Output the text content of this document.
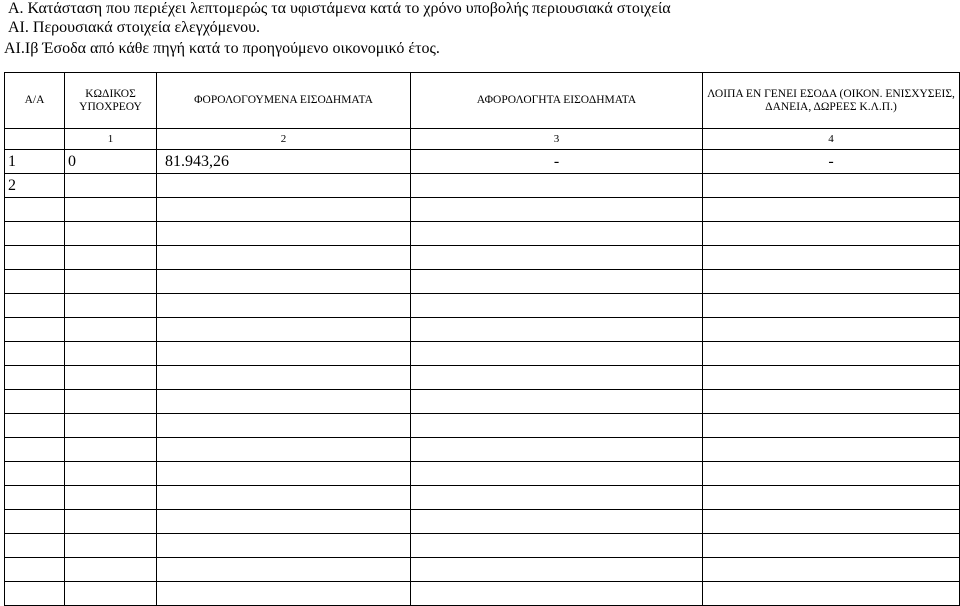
Α. Κατάσταση που περιέχει λεπτομερώς τα υφιστάμενα κατά το χρόνο υποβολής περιουσιακά στοιχεία
ΑΙ. Περουσιακά στοιχεία ελεγχόμενου.
ΑΙ.Ιβ Έσοδα από κάθε πηγή κατά το προηγούμενο οικονομικό έτος.
Α/Α	ΚΩΔΙΚΟΣ ΥΠΟΧΡΕΟΥ	ΦΟΡΟΛΟΓΟΥΜΕΝΑ ΕΙΣΟΔΗΜΑΤΑ	ΑΦΟΡΟΛΟΓΗΤΑ ΕΙΣΟΔΗΜΑΤΑ	ΛΟΙΠΑ ΕΝ ΓΕΝΕΙ ΕΣΟΔΑ (ΟΙΚΟΝ. ΕΝΙΣΧΥΣΕΙΣ, ΔΑΝΕΙΑ, ΔΩΡΕΕΣ Κ.Λ.Π.)
	1	2	3	4
1	0	81.943,26	-	-
2				
